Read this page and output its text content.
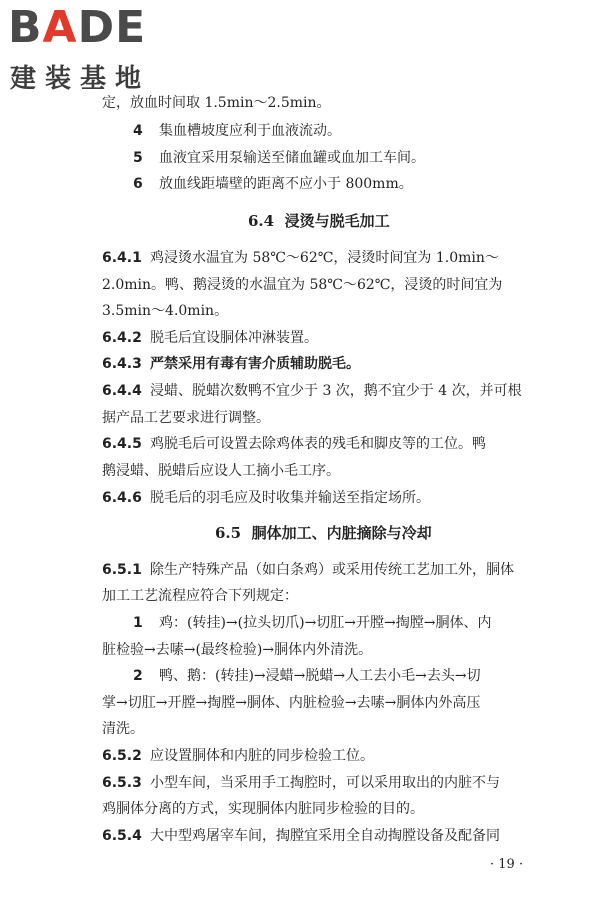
BADE
建装基地
定，放血时间取 1.5min～2.5min。
4 集血槽坡度应利于血液流动。
5 血液宜采用泵输送至储血罐或血加工车间。
6 放血线距墙壁的距离不应小于 800mm。
6.4 浸烫与脱毛加工
6.4.1 鸡浸烫水温宜为 58℃～62℃，浸烫时间宜为 1.0min～
2.0min。鸭、鹅浸烫的水温宜为 58℃～62℃，浸烫的时间宜为
3.5min～4.0min。
6.4.2 脱毛后宜设胴体冲淋装置。
6.4.3 严禁采用有毒有害介质辅助脱毛。
6.4.4 浸蜡、脱蜡次数鸭不宜少于 3 次，鹅不宜少于 4 次，并可根
据产品工艺要求进行调整。
6.4.5 鸡脱毛后可设置去除鸡体表的残毛和脚皮等的工位。鸭
鹅浸蜡、脱蜡后应设人工摘小毛工序。
6.4.6 脱毛后的羽毛应及时收集并输送至指定场所。
6.5 胴体加工、内脏摘除与冷却
6.5.1 除生产特殊产品（如白条鸡）或采用传统工艺加工外，胴体
加工工艺流程应符合下列规定：
1 鸡：(转挂)→(拉头切爪)→切肛→开膛→掏膛→胴体、内
脏检验→去嗉→(最终检验)→胴体内外清洗。
2 鸭、鹅：(转挂)→浸蜡→脱蜡→人工去小毛→去头→切
掌→切肛→开膛→掏膛→胴体、内脏检验→去嗉→胴体内外高压
清洗。
6.5.2 应设置胴体和内脏的同步检验工位。
6.5.3 小型车间，当采用手工掏腔时，可以采用取出的内脏不与
鸡胴体分离的方式，实现胴体内脏同步检验的目的。
6.5.4 大中型鸡屠宰车间，掏膛宜采用全自动掏膛设备及配备同
· 19 ·
